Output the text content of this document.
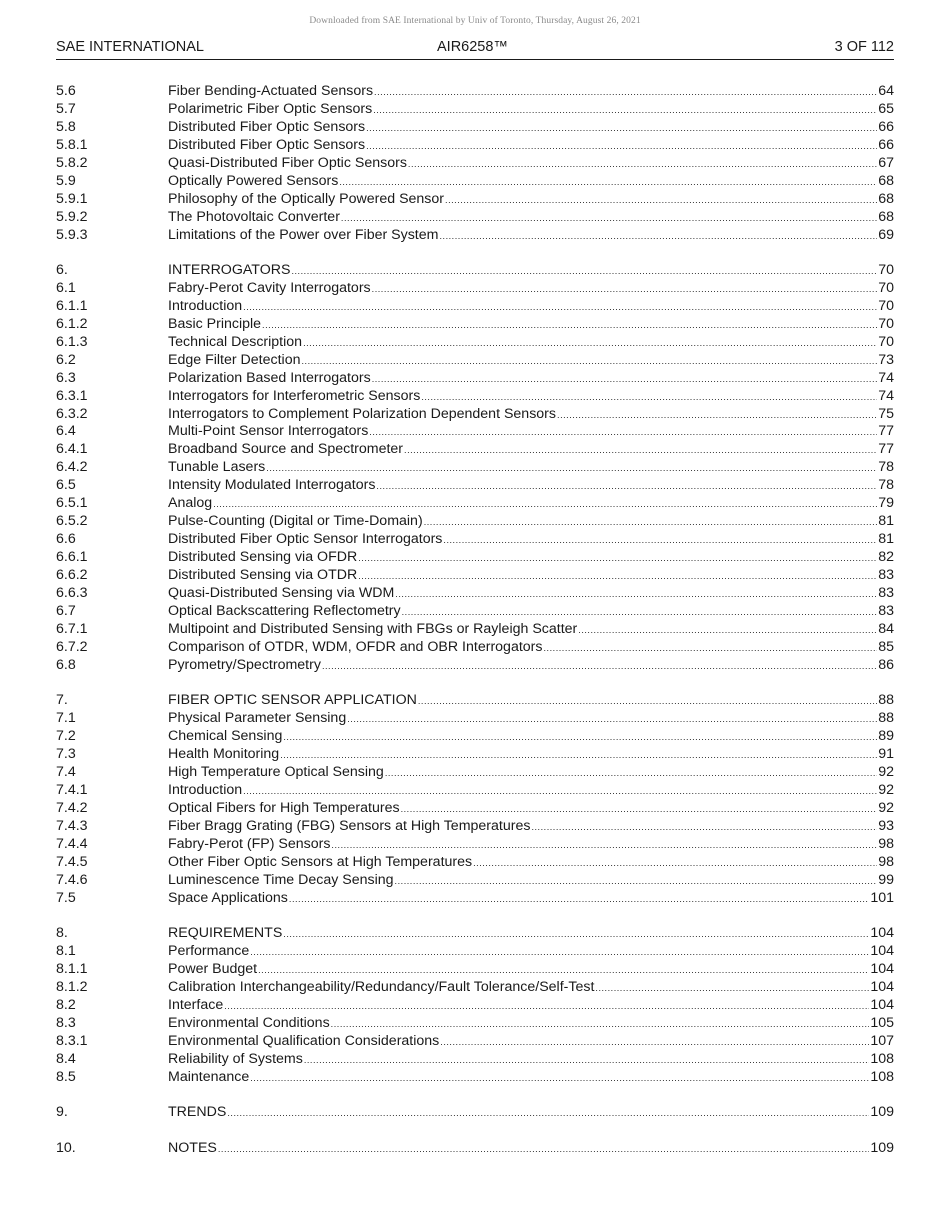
Downloaded from SAE International by Univ of Toronto, Thursday, August 26, 2021
SAE INTERNATIONAL	AIR6258™	3 OF 112
5.6	Fiber Bending-Actuated Sensors .....	64
5.7	Polarimetric Fiber Optic Sensors .....	65
5.8	Distributed Fiber Optic Sensors .....	66
5.8.1	Distributed Fiber Optic Sensors .....	66
5.8.2	Quasi-Distributed Fiber Optic Sensors .....	67
5.9	Optically Powered Sensors .....	68
5.9.1	Philosophy of the Optically Powered Sensor .....	68
5.9.2	The Photovoltaic Converter .....	68
5.9.3	Limitations of the Power over Fiber System .....	69
6.	INTERROGATORS .....	70
6.1	Fabry-Perot Cavity Interrogators .....	70
6.1.1	Introduction .....	70
6.1.2	Basic Principle .....	70
6.1.3	Technical Description .....	70
6.2	Edge Filter Detection .....	73
6.3	Polarization Based Interrogators .....	74
6.3.1	Interrogators for Interferometric Sensors .....	74
6.3.2	Interrogators to Complement Polarization Dependent Sensors .....	75
6.4	Multi-Point Sensor Interrogators .....	77
6.4.1	Broadband Source and Spectrometer .....	77
6.4.2	Tunable Lasers .....	78
6.5	Intensity Modulated Interrogators .....	78
6.5.1	Analog .....	79
6.5.2	Pulse-Counting (Digital or Time-Domain) .....	81
6.6	Distributed Fiber Optic Sensor Interrogators .....	81
6.6.1	Distributed Sensing via OFDR .....	82
6.6.2	Distributed Sensing via OTDR .....	83
6.6.3	Quasi-Distributed Sensing via WDM .....	83
6.7	Optical Backscattering Reflectometry .....	83
6.7.1	Multipoint and Distributed Sensing with FBGs or Rayleigh Scatter .....	84
6.7.2	Comparison of OTDR, WDM, OFDR and OBR Interrogators .....	85
6.8	Pyrometry/Spectrometry .....	86
7.	FIBER OPTIC SENSOR APPLICATION .....	88
7.1	Physical Parameter Sensing .....	88
7.2	Chemical Sensing .....	89
7.3	Health Monitoring .....	91
7.4	High Temperature Optical Sensing .....	92
7.4.1	Introduction .....	92
7.4.2	Optical Fibers for High Temperatures .....	92
7.4.3	Fiber Bragg Grating (FBG) Sensors at High Temperatures .....	93
7.4.4	Fabry-Perot (FP) Sensors .....	98
7.4.5	Other Fiber Optic Sensors at High Temperatures .....	98
7.4.6	Luminescence Time Decay Sensing .....	99
7.5	Space Applications .....	101
8.	REQUIREMENTS .....	104
8.1	Performance .....	104
8.1.1	Power Budget .....	104
8.1.2	Calibration Interchangeability/Redundancy/Fault Tolerance/Self-Test .....	104
8.2	Interface .....	104
8.3	Environmental Conditions .....	105
8.3.1	Environmental Qualification Considerations .....	107
8.4	Reliability of Systems .....	108
8.5	Maintenance .....	108
9.	TRENDS .....	109
10.	NOTES .....	109
